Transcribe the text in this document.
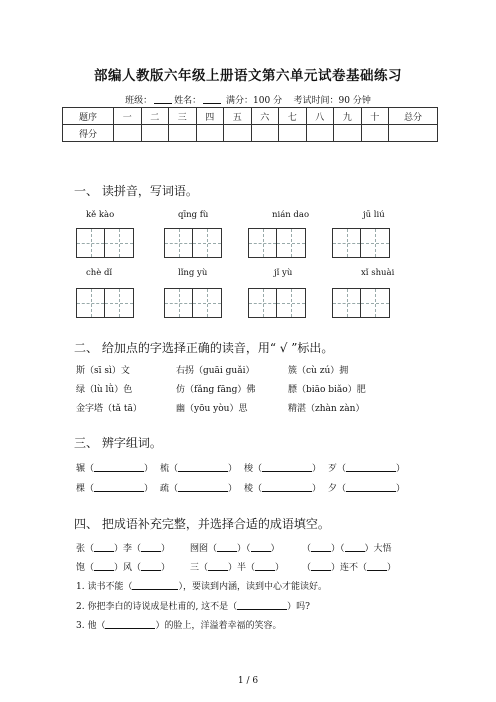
部编人教版六年级上册语文第六单元试卷基础练习
班级： 姓名：	满分：100 分 考试时间：90 分钟
题序	一	二	三	四	五	六	七	八	九	十	总分
得分											
一、 读拼音，写词语。
kě kào	qīng fù	nián dao	jū liú
chè dǐ	lǐng yù	jǐ yù	xǐ shuài
二、 给加点的字选择正确的读音，用“ √ ”标出。
斯（sī sì）文	右拐（guāi guǎi）	簇（cù zú）拥
绿（lù lǜ）色	仿（fǎng fāng）佛	膘（biāo biǎo）肥
金字塔（tǎ tā）	幽（yōu yòu）思	精湛（zhàn zàn）
三、 辨字组词。
辗（	） 梳（	） 梭（	） 歹（	）
棵（	） 疏（	） 棱（	） 夕（	）
四、 把成语补充完整，并选择合适的成语填空。
张（ ）李（ ） 囫囵（ ）（ ） （ ）（ ）大悟
饱（ ）风（ ） 三（ ）半（ ） （ ）连不（ ）
1. 读书不能（	），要读到内涵，读到中心才能读好。
2. 你把李白的诗说成是杜甫的, 这不是（	）吗?
3. 他（	）的脸上，洋溢着幸福的笑容。
1 / 6
